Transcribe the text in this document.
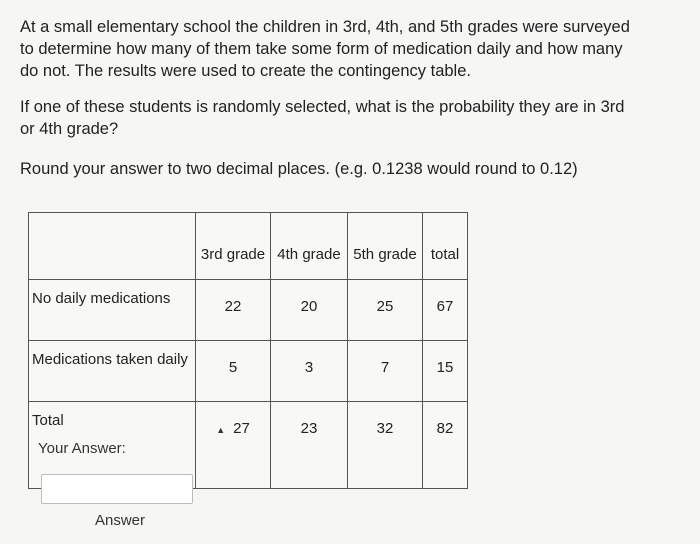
At a small elementary school the children in 3rd, 4th, and 5th grades were surveyed to determine how many of them take some form of medication daily and how many do not. The results were used to create the contingency table.

If one of these students is randomly selected, what is the probability they are in 3rd or 4th grade?

Round your answer to two decimal places. (e.g. 0.1238 would round to 0.12)

	3rd grade	4th grade	5th grade	total
No daily medications	22	20	25	67
Medications taken daily	5	3	7	15
Total	▲ 27	23	32	82
Your Answer:
Answer
